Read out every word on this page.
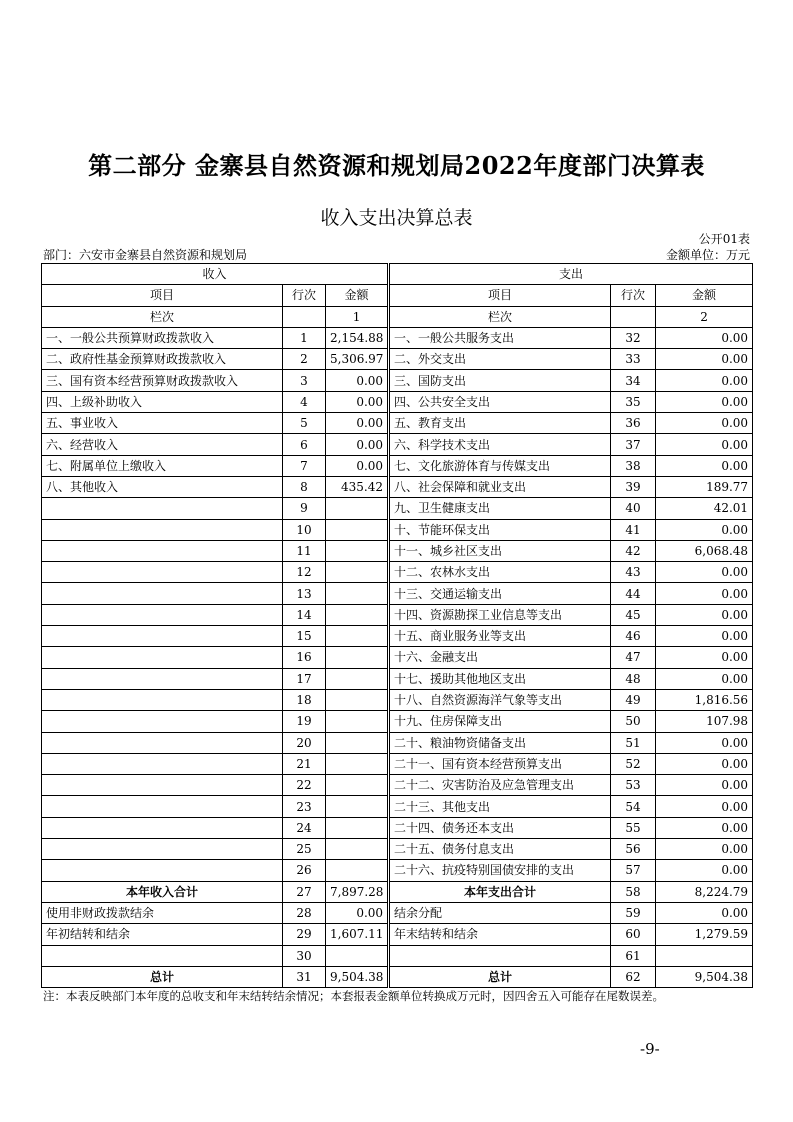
第二部分 金寨县自然资源和规划局2022年度部门决算表
收入支出决算总表
公开01表
部门：六安市金寨县自然资源和规划局	金额单位：万元
收入			支出		
项目	行次	金额	项目	行次	金额
栏次		1	栏次		2
一、一般公共预算财政拨款收入	1	2,154.88	一、一般公共服务支出	32	0.00
二、政府性基金预算财政拨款收入	2	5,306.97	二、外交支出	33	0.00
三、国有资本经营预算财政拨款收入	3	0.00	三、国防支出	34	0.00
四、上级补助收入	4	0.00	四、公共安全支出	35	0.00
五、事业收入	5	0.00	五、教育支出	36	0.00
六、经营收入	6	0.00	六、科学技术支出	37	0.00
七、附属单位上缴收入	7	0.00	七、文化旅游体育与传媒支出	38	0.00
八、其他收入	8	435.42	八、社会保障和就业支出	39	189.77
	9		九、卫生健康支出	40	42.01
	10		十、节能环保支出	41	0.00
	11		十一、城乡社区支出	42	6,068.48
	12		十二、农林水支出	43	0.00
	13		十三、交通运输支出	44	0.00
	14		十四、资源勘探工业信息等支出	45	0.00
	15		十五、商业服务业等支出	46	0.00
	16		十六、金融支出	47	0.00
	17		十七、援助其他地区支出	48	0.00
	18		十八、自然资源海洋气象等支出	49	1,816.56
	19		十九、住房保障支出	50	107.98
	20		二十、粮油物资储备支出	51	0.00
	21		二十一、国有资本经营预算支出	52	0.00
	22		二十二、灾害防治及应急管理支出	53	0.00
	23		二十三、其他支出	54	0.00
	24		二十四、债务还本支出	55	0.00
	25		二十五、债务付息支出	56	0.00
	26		二十六、抗疫特别国债安排的支出	57	0.00
本年收入合计	27	7,897.28	本年支出合计	58	8,224.79
使用非财政拨款结余	28	0.00	结余分配	59	0.00
年初结转和结余	29	1,607.11	年末结转和结余	60	1,279.59
	30			61	
总计	31	9,504.38	总计	62	9,504.38
注：本表反映部门本年度的总收支和年末结转结余情况；本套报表金额单位转换成万元时，因四舍五入可能存在尾数误差。
-9-
